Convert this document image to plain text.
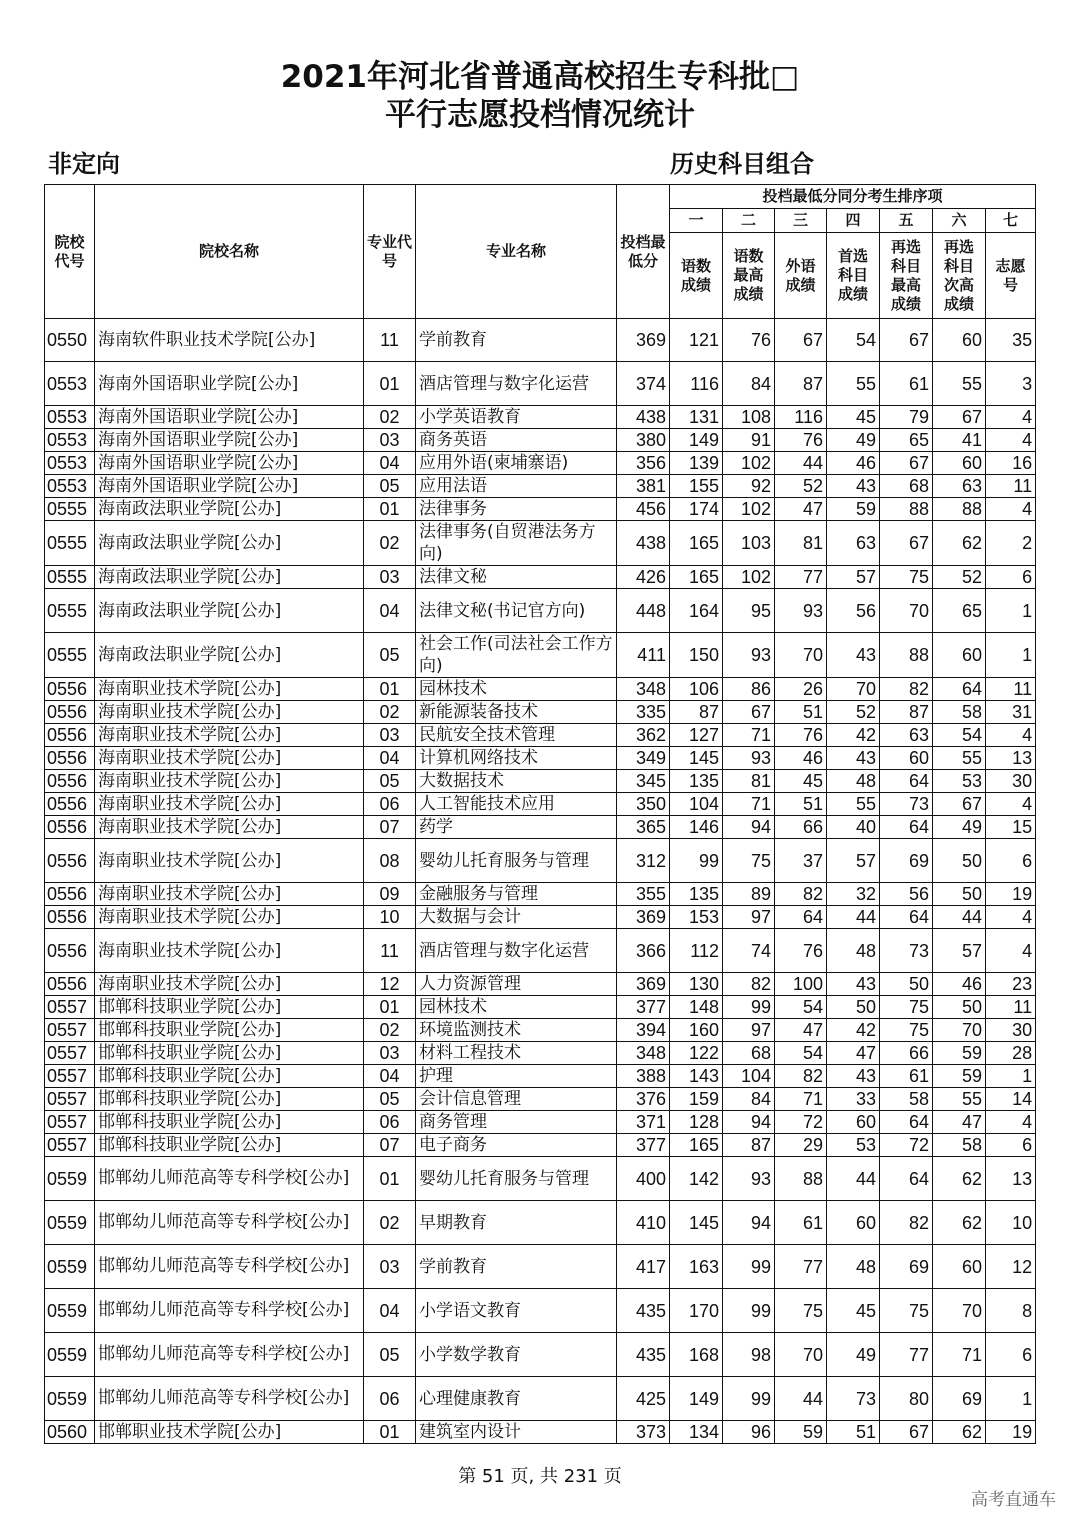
2021年河北省普通高校招生专科批□
平行志愿投档情况统计
非定向	历史科目组合
院校代号	院校名称	专业代号	专业名称	投档最低分	投档最低分同分考生排序项						
					一	二	三	四	五	六	七
					语数成绩	语数最高成绩	外语成绩	首选科目成绩	再选科目最高成绩	再选科目次高成绩	志愿号
0550	海南软件职业技术学院[公办]	11	学前教育	369	121	76	67	54	67	60	35
0553	海南外国语职业学院[公办]	01	酒店管理与数字化运营	374	116	84	87	55	61	55	3
0553	海南外国语职业学院[公办]	02	小学英语教育	438	131	108	116	45	79	67	4
0553	海南外国语职业学院[公办]	03	商务英语	380	149	91	76	49	65	41	4
0553	海南外国语职业学院[公办]	04	应用外语(柬埔寨语)	356	139	102	44	46	67	60	16
0553	海南外国语职业学院[公办]	05	应用法语	381	155	92	52	43	68	63	11
0555	海南政法职业学院[公办]	01	法律事务	456	174	102	47	59	88	88	4
0555	海南政法职业学院[公办]	02	法律事务(自贸港法务方向)	438	165	103	81	63	67	62	2
0555	海南政法职业学院[公办]	03	法律文秘	426	165	102	77	57	75	52	6
0555	海南政法职业学院[公办]	04	法律文秘(书记官方向)	448	164	95	93	56	70	65	1
0555	海南政法职业学院[公办]	05	社会工作(司法社会工作方向)	411	150	93	70	43	88	60	1
0556	海南职业技术学院[公办]	01	园林技术	348	106	86	26	70	82	64	11
0556	海南职业技术学院[公办]	02	新能源装备技术	335	87	67	51	52	87	58	31
0556	海南职业技术学院[公办]	03	民航安全技术管理	362	127	71	76	42	63	54	4
0556	海南职业技术学院[公办]	04	计算机网络技术	349	145	93	46	43	60	55	13
0556	海南职业技术学院[公办]	05	大数据技术	345	135	81	45	48	64	53	30
0556	海南职业技术学院[公办]	06	人工智能技术应用	350	104	71	51	55	73	67	4
0556	海南职业技术学院[公办]	07	药学	365	146	94	66	40	64	49	15
0556	海南职业技术学院[公办]	08	婴幼儿托育服务与管理	312	99	75	37	57	69	50	6
0556	海南职业技术学院[公办]	09	金融服务与管理	355	135	89	82	32	56	50	19
0556	海南职业技术学院[公办]	10	大数据与会计	369	153	97	64	44	64	44	4
0556	海南职业技术学院[公办]	11	酒店管理与数字化运营	366	112	74	76	48	73	57	4
0556	海南职业技术学院[公办]	12	人力资源管理	369	130	82	100	43	50	46	23
0557	邯郸科技职业学院[公办]	01	园林技术	377	148	99	54	50	75	50	11
0557	邯郸科技职业学院[公办]	02	环境监测技术	394	160	97	47	42	75	70	30
0557	邯郸科技职业学院[公办]	03	材料工程技术	348	122	68	54	47	66	59	28
0557	邯郸科技职业学院[公办]	04	护理	388	143	104	82	43	61	59	1
0557	邯郸科技职业学院[公办]	05	会计信息管理	376	159	84	71	33	58	55	14
0557	邯郸科技职业学院[公办]	06	商务管理	371	128	94	72	60	64	47	4
0557	邯郸科技职业学院[公办]	07	电子商务	377	165	87	29	53	72	58	6
0559	邯郸幼儿师范高等专科学校[公办]	01	婴幼儿托育服务与管理	400	142	93	88	44	64	62	13
0559	邯郸幼儿师范高等专科学校[公办]	02	早期教育	410	145	94	61	60	82	62	10
0559	邯郸幼儿师范高等专科学校[公办]	03	学前教育	417	163	99	77	48	69	60	12
0559	邯郸幼儿师范高等专科学校[公办]	04	小学语文教育	435	170	99	75	45	75	70	8
0559	邯郸幼儿师范高等专科学校[公办]	05	小学数学教育	435	168	98	70	49	77	71	6
0559	邯郸幼儿师范高等专科学校[公办]	06	心理健康教育	425	149	99	44	73	80	69	1
0560	邯郸职业技术学院[公办]	01	建筑室内设计	373	134	96	59	51	67	62	19
第 51 页, 共 231 页
高考直通车
